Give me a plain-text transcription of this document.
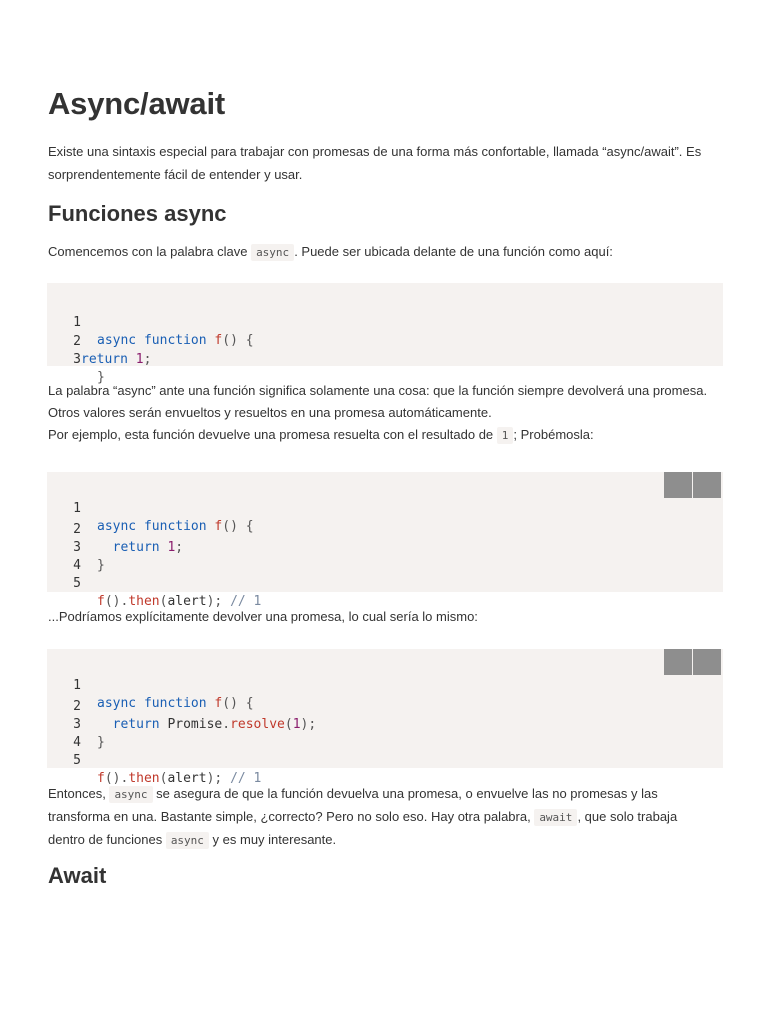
Async/await

Existe una sintaxis especial para trabajar con promesas de una forma más confortable, llamada “async/await”. Es sorprendentemente fácil de entender y usar.

Funciones async

Comencemos con la palabra clave async . Puede ser ubicada delante de una función como aquí:

1

async function f() {

2

return 1;

3

}

La palabra “async” ante una función significa solamente una cosa: que la función siempre devolverá una promesa. Otros valores serán envueltos y resueltos en una promesa automáticamente.
Por ejemplo, esta función devuelve una promesa resuelta con el resultado de 1 ; Probémosla:

1

async function f() {

2

return 1;

3

}

4

5

f().then(alert); // 1

...Podríamos explícitamente devolver una promesa, lo cual sería lo mismo:

1

async function f() {

2

return Promise.resolve(1);

3

}

4

5

f().then(alert); // 1

Entonces, async se asegura de que la función devuelva una promesa, o envuelve las no promesas y las transforma en una. Bastante simple, ¿correcto? Pero no solo eso. Hay otra palabra, await , que solo trabaja dentro de funciones async y es muy interesante.

Await
